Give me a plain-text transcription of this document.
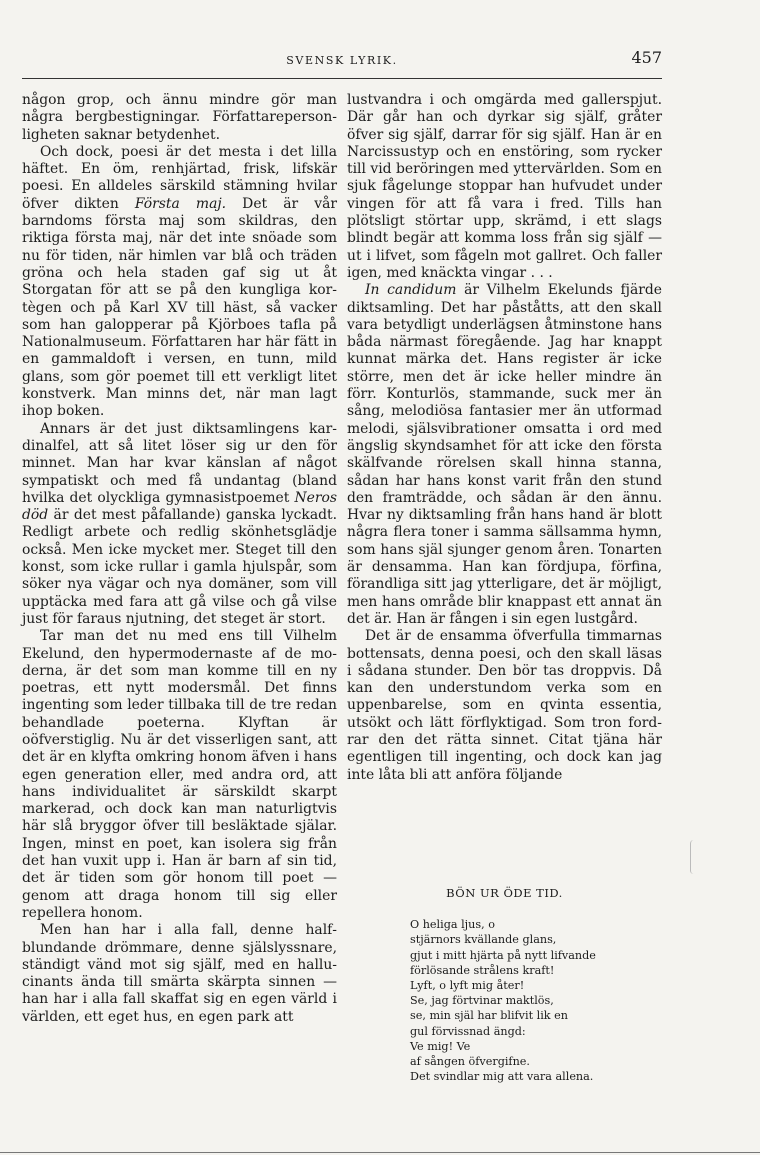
SVENSK LYRIK.	457

någon grop, och ännu mindre gör man några bergbestigningar. Författarepersonligheten saknar betydenhet.

Och dock, poesi är det mesta i det lilla häftet. En öm, renhjärtad, frisk, lifskär poesi. En alldeles särskild stämning hvilar öfver dikten Första maj. Det är vår barndoms första maj som skildras, den riktiga första maj, när det inte snöade som nu för tiden, när himlen var blå och träden gröna och hela staden gaf sig ut åt Storgatan för att se på den kungliga kortègen och på Karl XV till häst, så vacker som han galopperar på Kjörboes tafla på Nationalmuseum. Författaren har här fätt in en gammaldoft i versen, en tunn, mild glans, som gör poemet till ett verkligt litet konstverk. Man minns det, när man lagt ihop boken.

Annars är det just diktsamlingens kardinalfel, att så litet löser sig ur den för minnet. Man har kvar känslan af något sympatiskt och med få undantag (bland hvilka det olyckliga gymnasistpoemet Neros död är det mest påfallande) ganska lyckadt. Redligt arbete och redlig skönhetsglädje också. Men icke mycket mer. Steget till den konst, som icke rullar i gamla hjulspår, som söker nya vägar och nya domäner, som vill upptäcka med fara att gå vilse och gå vilse just för faraus njutning, det steget är stort.

Tar man det nu med ens till Vilhelm Ekelund, den hypermodernaste af de moderna, är det som man komme till en ny poetras, ett nytt modersmål. Det finns ingenting som leder tillbaka till de tre redan behandlade poeterna. Klyftan är oöfverstiglig. Nu är det visserligen sant, att det är en klyfta omkring honom äfven i hans egen generation eller, med andra ord, att hans individualitet är särskildt skarpt markerad, och dock kan man naturligtvis här slå bryggor öfver till besläktade själar. Ingen, minst en poet, kan isolera sig från det han vuxit upp i. Han är barn af sin tid, det är tiden som gör honom till poet — genom att draga honom till sig eller repellera honom.

Men han har i alla fall, denne halfblundande drömmare, denne själslyssnare, ständigt vänd mot sig själf, med en hallucinants ända till smärta skärpta sinnen — han har i alla fall skaffat sig en egen värld i världen, ett eget hus, en egen park att

lustvandra i och omgärda med gallerspjut. Där går han och dyrkar sig själf, gråter öfver sig själf, darrar för sig själf. Han är en Narcissustyp och en enstöring, som rycker till vid beröringen med yttervärlden. Som en sjuk fågelunge stoppar han hufvudet under vingen för att få vara i fred. Tills han plötsligt störtar upp, skrämd, i ett slags blindt begär att komma loss från sig själf — ut i lifvet, som fågeln mot gallret. Och faller igen, med knäckta vingar . . .

In candidum är Vilhelm Ekelunds fjärde diktsamling. Det har påståtts, att den skall vara betydligt underlägsen åtminstone hans båda närmast föregående. Jag har knappt kunnat märka det. Hans register är icke större, men det är icke heller mindre än förr. Konturlös, stammande, suck mer än sång, melodiösa fantasier mer än utformad melodi, själsvibrationer omsatta i ord med ängslig skyndsamhet för att icke den första skälfvande rörelsen skall hinna stanna, sådan har hans konst varit från den stund den framträdde, och sådan är den ännu. Hvar ny diktsamling från hans hand är blott några flera toner i samma sällsamma hymn, som hans själ sjunger genom åren. Tonarten är densamma. Han kan fördjupa, förfina, förandliga sitt jag ytterligare, det är möjligt, men hans område blir knappast ett annat än det är. Han är fången i sin egen lustgård.

Det är de ensamma öfverfulla timmarnas bottensats, denna poesi, och den skall läsas i sådana stunder. Den bör tas droppvis. Då kan den understundom verka som en uppenbarelse, som en qvinta essentia, utsökt och lätt förflyktigad. Som tron fordrar den det rätta sinnet. Citat tjäna här egentligen till ingenting, och dock kan jag inte låta bli att anföra följande

BÖN UR ÖDE TID.
O heliga ljus, o
stjärnors kvällande glans,
gjut i mitt hjärta på nytt lifvande
förlösande strålens kraft!
Lyft, o lyft mig åter!
Se, jag förtvinar maktlös,
se, min själ har blifvit lik en
gul förvissnad ängd:
Ve mig! Ve
af sången öfvergifne.
Det svindlar mig att vara allena.
